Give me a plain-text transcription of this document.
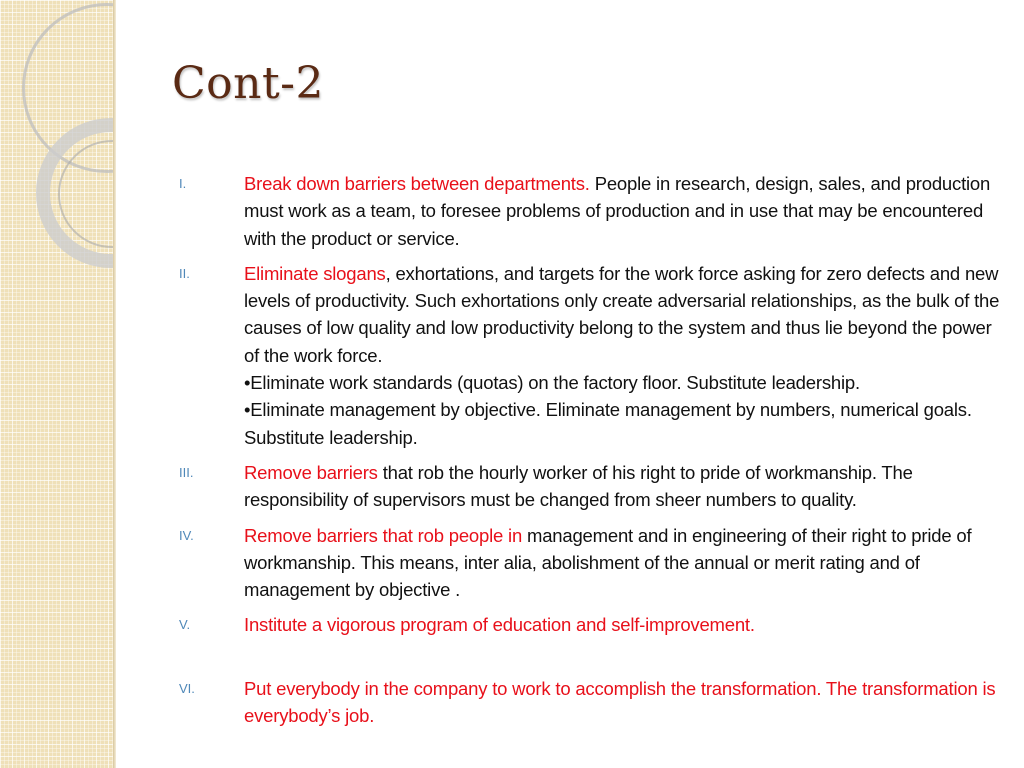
Cont-2
I.	Break down barriers between departments. People in research, design, sales, and production must work as a team, to foresee problems of production and in use that may be encountered with the product or service.
II.	Eliminate slogans, exhortations, and targets for the work force asking for zero defects and new levels of productivity. Such exhortations only create adversarial relationships, as the bulk of the causes of low quality and low productivity belong to the system and thus lie beyond the power of the work force.
•Eliminate work standards (quotas) on the factory floor. Substitute leadership.
•Eliminate management by objective. Eliminate management by numbers, numerical goals. Substitute leadership.
III.	Remove barriers that rob the hourly worker of his right to pride of workmanship. The responsibility of supervisors must be changed from sheer numbers to quality.
IV.	Remove barriers that rob people in management and in engineering of their right to pride of workmanship. This means, inter alia, abolishment of the annual or merit rating and of management by objective .
V.	Institute a vigorous program of education and self-improvement.
VI.	Put everybody in the company to work to accomplish the transformation. The transformation is everybody’s job.
